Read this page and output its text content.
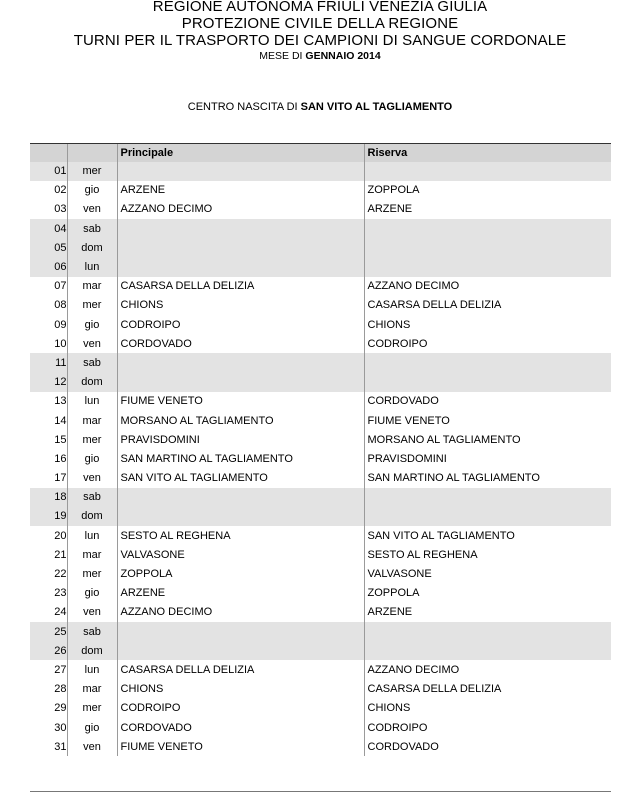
REGIONE AUTONOMA FRIULI VENEZIA GIULIA
PROTEZIONE CIVILE DELLA REGIONE
TURNI PER IL TRASPORTO DEI CAMPIONI DI SANGUE CORDONALE
MESE DI GENNAIO 2014
CENTRO NASCITA DI SAN VITO AL TAGLIAMENTO
		Principale	Riserva
01	mer		
02	gio	ARZENE	ZOPPOLA
03	ven	AZZANO DECIMO	ARZENE
04	sab		
05	dom		
06	lun		
07	mar	CASARSA DELLA DELIZIA	AZZANO DECIMO
08	mer	CHIONS	CASARSA DELLA DELIZIA
09	gio	CODROIPO	CHIONS
10	ven	CORDOVADO	CODROIPO
11	sab		
12	dom		
13	lun	FIUME VENETO	CORDOVADO
14	mar	MORSANO AL TAGLIAMENTO	FIUME VENETO
15	mer	PRAVISDOMINI	MORSANO AL TAGLIAMENTO
16	gio	SAN MARTINO AL TAGLIAMENTO	PRAVISDOMINI
17	ven	SAN VITO AL TAGLIAMENTO	SAN MARTINO AL TAGLIAMENTO
18	sab		
19	dom		
20	lun	SESTO AL REGHENA	SAN VITO AL TAGLIAMENTO
21	mar	VALVASONE	SESTO AL REGHENA
22	mer	ZOPPOLA	VALVASONE
23	gio	ARZENE	ZOPPOLA
24	ven	AZZANO DECIMO	ARZENE
25	sab		
26	dom		
27	lun	CASARSA DELLA DELIZIA	AZZANO DECIMO
28	mar	CHIONS	CASARSA DELLA DELIZIA
29	mer	CODROIPO	CHIONS
30	gio	CORDOVADO	CODROIPO
31	ven	FIUME VENETO	CORDOVADO
